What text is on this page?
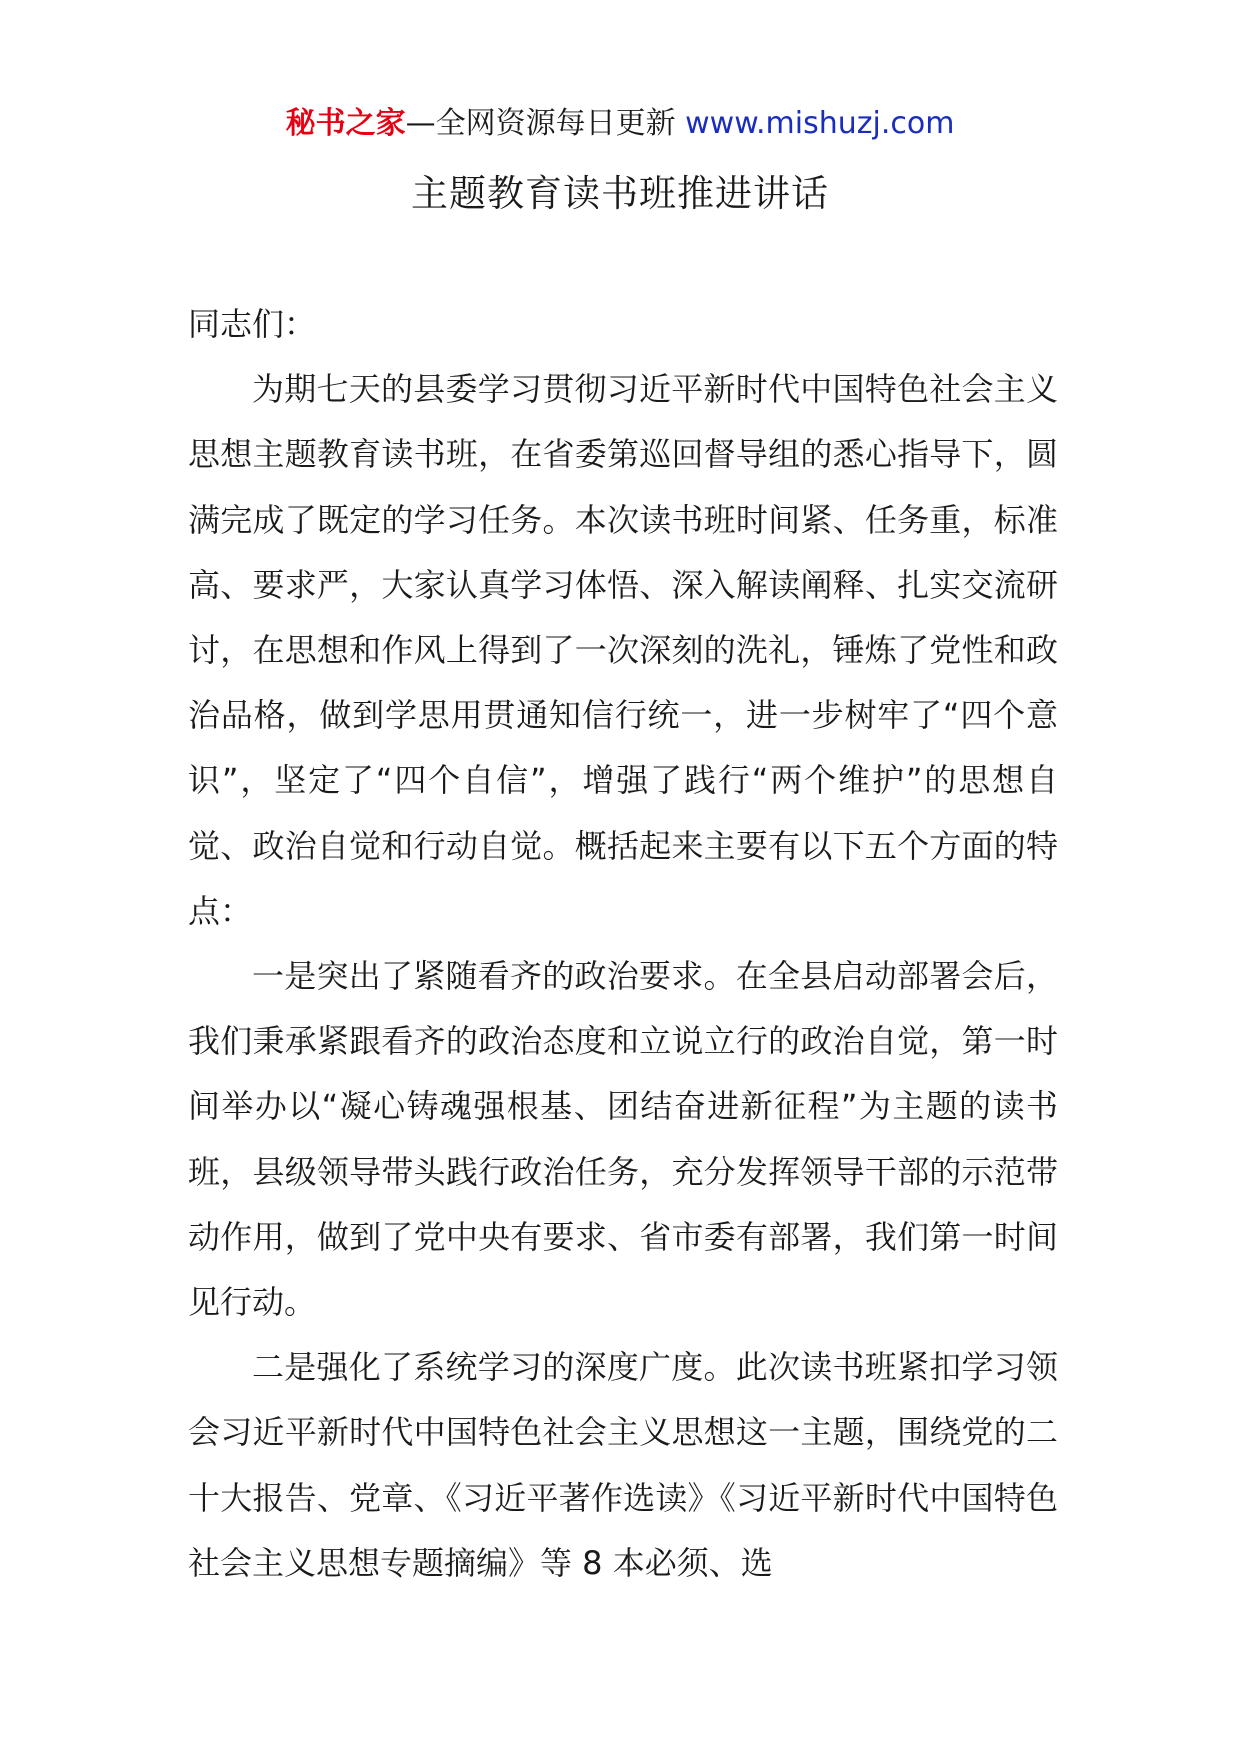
秘书之家—全网资源每日更新 www.mishuzj.com
主题教育读书班推进讲话

同志们：

为期七天的县委学习贯彻习近平新时代中国特色社会主义思想主题教育读书班，在省委第巡回督导组的悉心指导下，圆满完成了既定的学习任务。本次读书班时间紧、任务重，标准高、要求严，大家认真学习体悟、深入解读阐释、扎实交流研讨，在思想和作风上得到了一次深刻的洗礼，锤炼了党性和政治品格，做到学思用贯通知信行统一，进一步树牢了“四个意识”，坚定了“四个自信”，增强了践行“两个维护”的思想自觉、政治自觉和行动自觉。概括起来主要有以下五个方面的特点：

一是突出了紧随看齐的政治要求。在全县启动部署会后，我们秉承紧跟看齐的政治态度和立说立行的政治自觉，第一时间举办以“凝心铸魂强根基、团结奋进新征程”为主题的读书班，县级领导带头践行政治任务，充分发挥领导干部的示范带动作用，做到了党中央有要求、省市委有部署，我们第一时间见行动。

二是强化了系统学习的深度广度。此次读书班紧扣学习领会习近平新时代中国特色社会主义思想这一主题，围绕党的二十大报告、党章、《习近平著作选读》《习近平新时代中国特色社会主义思想专题摘编》等 8 本必须、选
